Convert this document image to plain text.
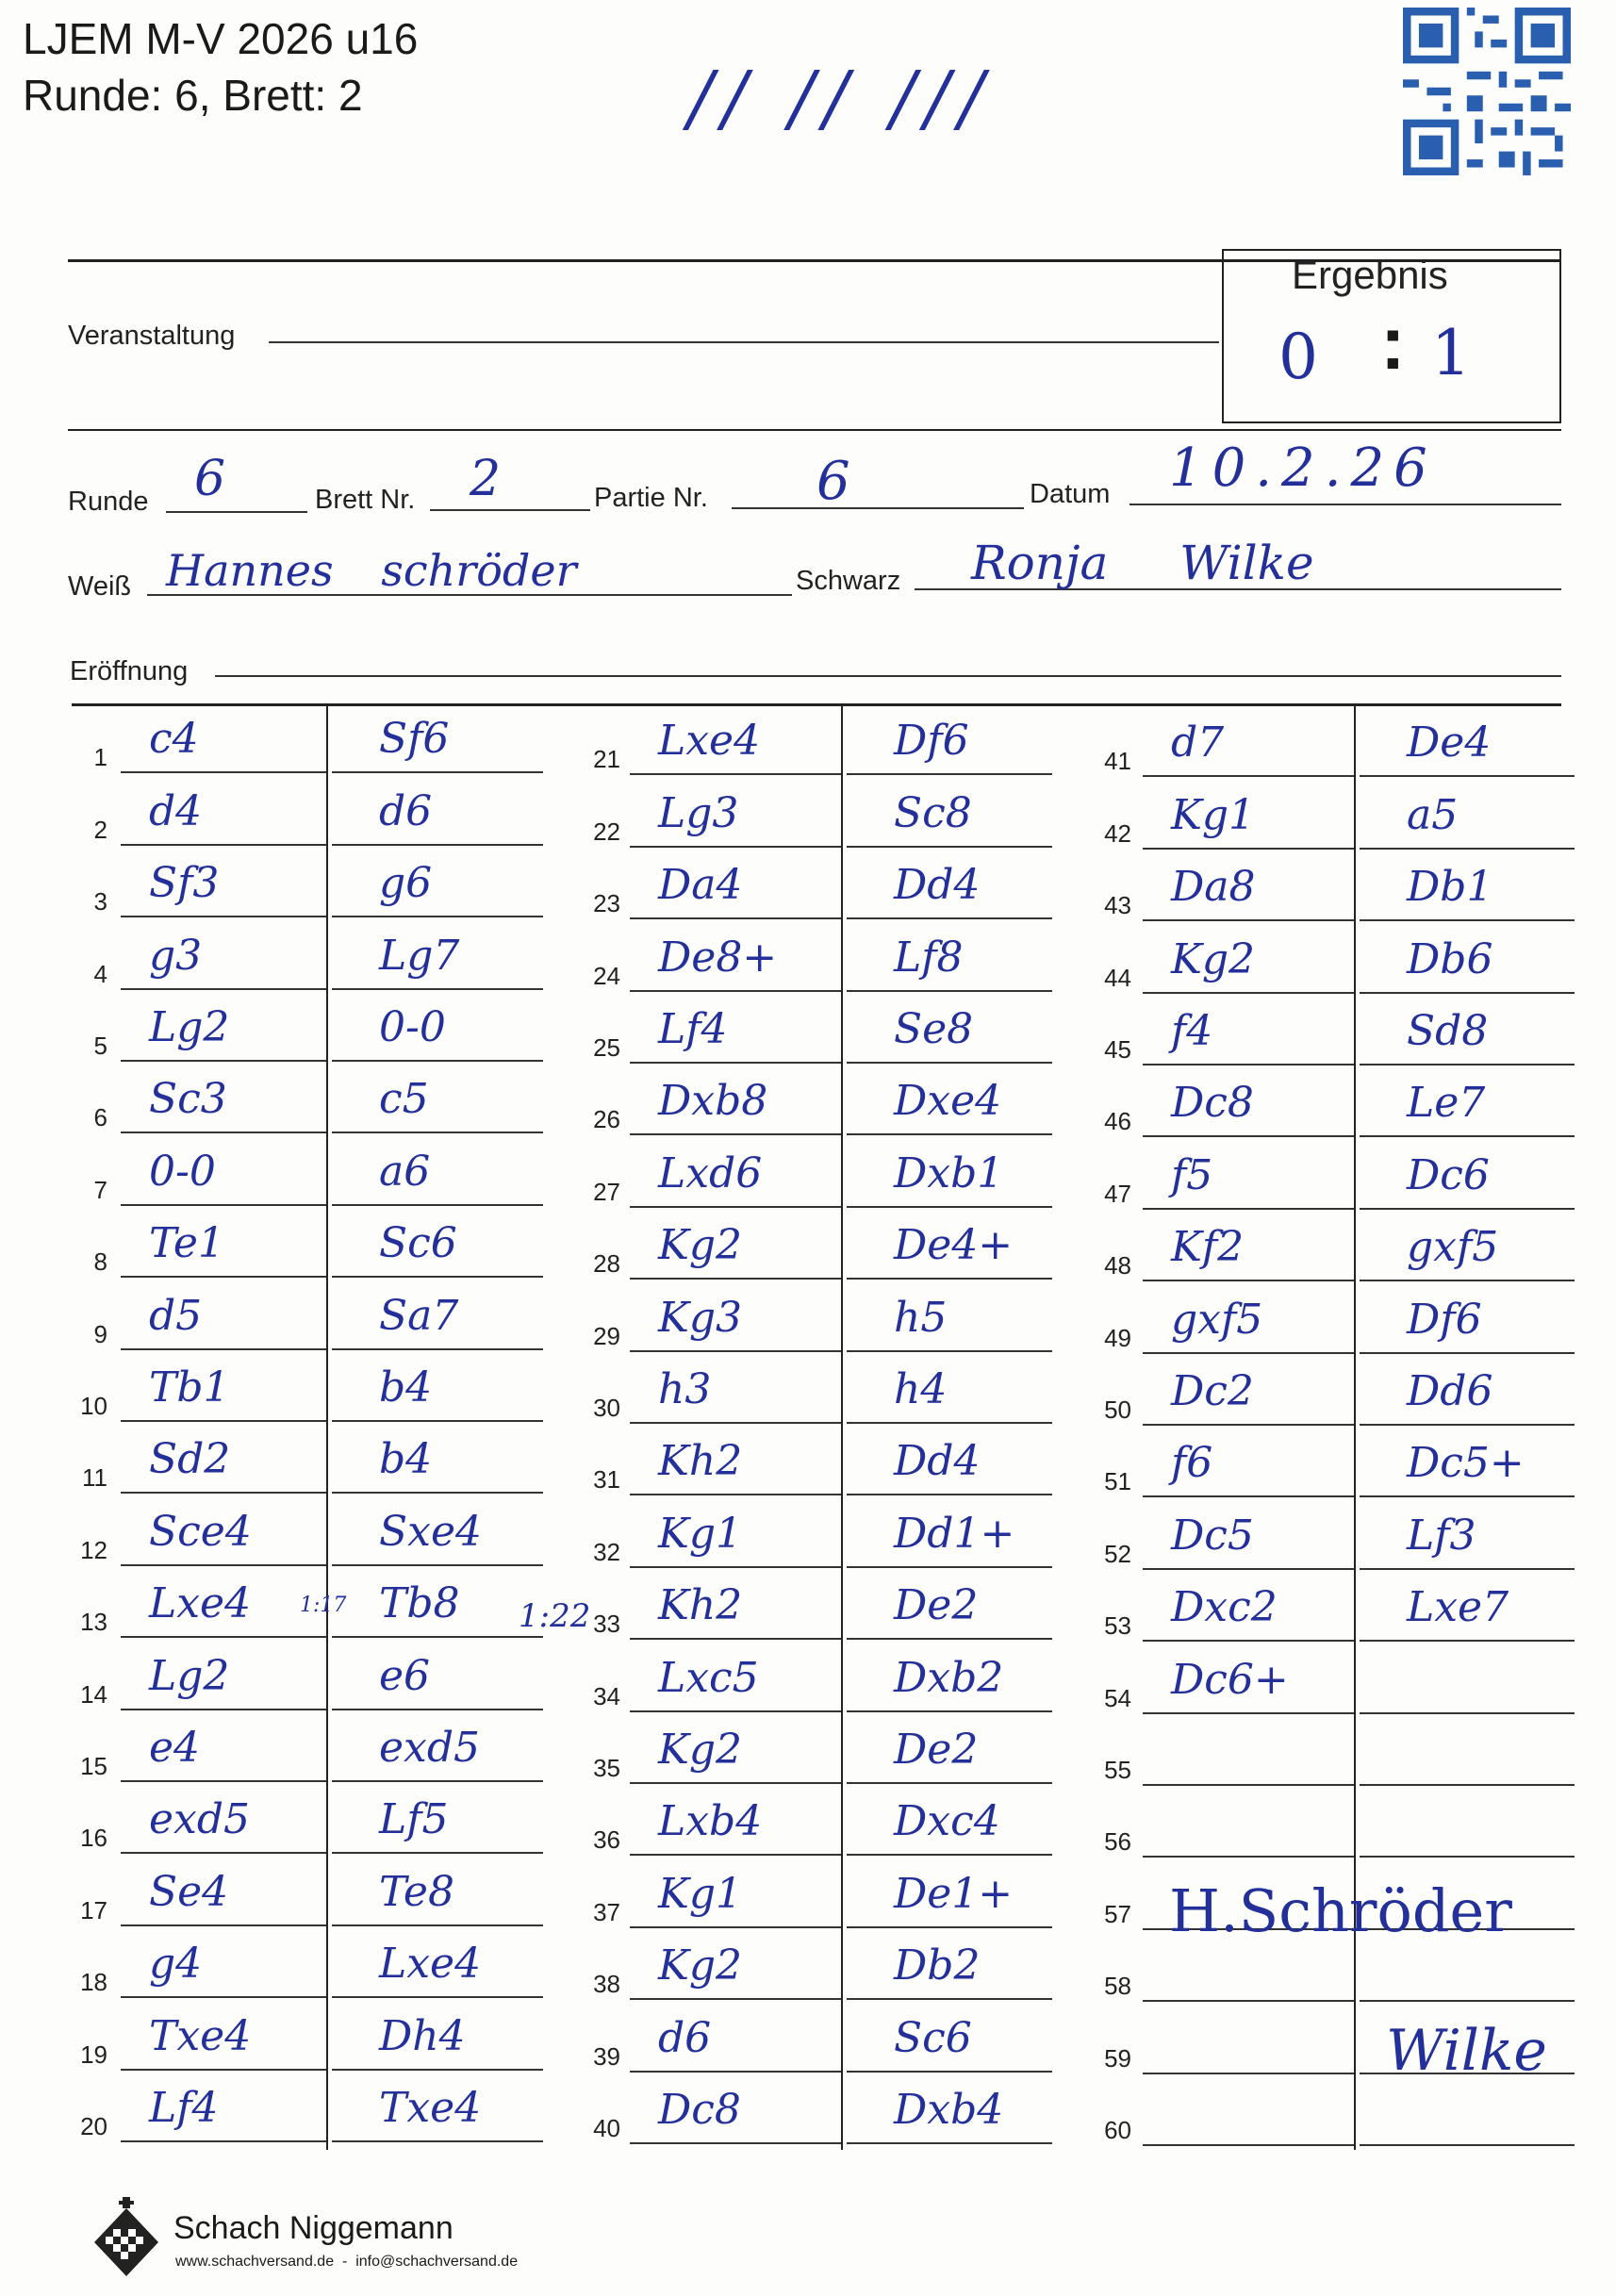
LJEM M-V 2026 u16
Runde: 6, Brett: 2	// // ///
Veranstaltung
Ergebnis
0 : 1
Runde 6	Brett Nr. 2	Partie Nr. 6	Datum 10.2.26
Weiß Hannes schröder	Schwarz Ronja Wilke
Eröffnung
1 c4	Sf6
2 d4	d6
3 Sf3	g6
4 g3	Lg7
5 Lg2	0-0
6 Sc3	c5
7 0-0	a6
8 Te1	Sc6
9 d5	Sa7
10 Tb1	b4
11 Sd2	b4
12 Sce4	Sxe4
13 Lxe4	Tb8
14 Lg2	e6
15 e4	exd5
16 exd5	Lf5
17 Se4	Te8
18 g4	Lxe4
19 Txe4	Dh4
20 Lf4	Txe4
21 Lxe4	Df6
22 Lg3	Sc8
23 Da4	Dd4
24 De8+	Lf8
25 Lf4	Se8
26 Dxb8	Dxe4
27 Lxd6	Dxb1
28 Kg2	De4+
29 Kg3	h5
30 h3	h4
31 Kh2	Dd4
32 Kg1	Dd1+
33 Kh2	De2
34 Lxc5	Dxb2
35 Kg2	De2
36 Lxb4	Dxc4
37 Kg1	De1+
38 Kg2	Db2
39 d6	Sc6
40 Dc8	Dxb4
41 d7	De4
42 Kg1	a5
43 Da8	Db1
44 Kg2	Db6
45 f4	Sd8
46 Dc8	Le7
47 f5	Dc6
48 Kf2	gxf5
49 gxf5	Df6
50 Dc2	Dd6
51 f6	Dc5+
52 Dc5	Lf3
53 Dxc2	Lxe7
54 Dc6+
55
56
57
58
59
60
1:17	1:22
H.Schröder
Wilke
Schach Niggemann
www.schachversand.de  -  info@schachversand.de
